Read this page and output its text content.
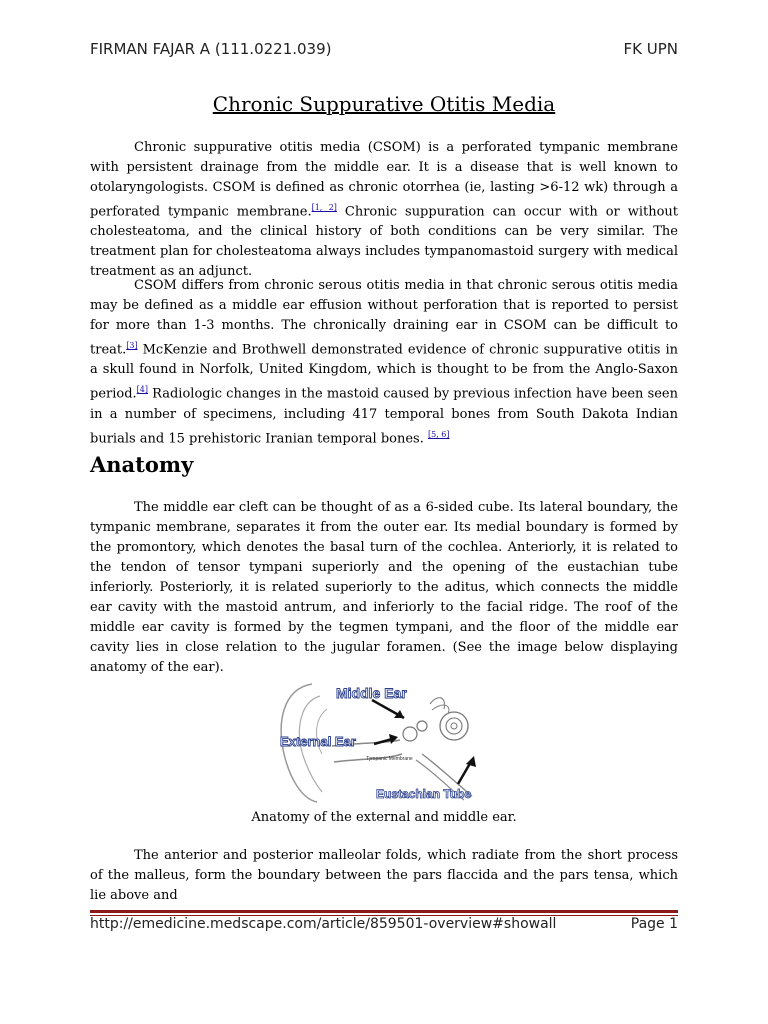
FIRMAN FAJAR A (111.0221.039)	FK UPN
Chronic Suppurative Otitis Media

Chronic suppurative otitis media (CSOM) is a perforated tympanic membrane with persistent drainage from the middle ear. It is a disease that is well known to otolaryngologists. CSOM is defined as chronic otorrhea (ie, lasting >6-12 wk) through a perforated tympanic membrane.[1, 2] Chronic suppuration can occur with or without cholesteatoma, and the clinical history of both conditions can be very similar. The treatment plan for cholesteatoma always includes tympanomastoid surgery with medical treatment as an adjunct.

CSOM differs from chronic serous otitis media in that chronic serous otitis media may be defined as a middle ear effusion without perforation that is reported to persist for more than 1-3 months. The chronically draining ear in CSOM can be difficult to treat.[3] McKenzie and Brothwell demonstrated evidence of chronic suppurative otitis in a skull found in Norfolk, United Kingdom, which is thought to be from the Anglo-Saxon period.[4] Radiologic changes in the mastoid caused by previous infection have been seen in a number of specimens, including 417 temporal bones from South Dakota Indian burials and 15 prehistoric Iranian temporal bones. [5, 6]

Anatomy

The middle ear cleft can be thought of as a 6-sided cube. Its lateral boundary, the tympanic membrane, separates it from the outer ear. Its medial boundary is formed by the promontory, which denotes the basal turn of the cochlea. Anteriorly, it is related to the tendon of tensor tympani superiorly and the opening of the eustachian tube inferiorly. Posteriorly, it is related superiorly to the aditus, which connects the middle ear cavity with the mastoid antrum, and inferiorly to the facial ridge. The roof of the middle ear cavity is formed by the tegmen tympani, and the floor of the middle ear cavity lies in close relation to the jugular foramen. (See the image below displaying anatomy of the ear).

Middle Ear
External Ear
Tympanic Membrane
Eustachian Tube
Anatomy of the external and middle ear.

The anterior and posterior malleolar folds, which radiate from the short process of the malleus, form the boundary between the pars flaccida and the pars tensa, which lie above and

http://emedicine.medscape.com/article/859501-overview#showall	Page 1
